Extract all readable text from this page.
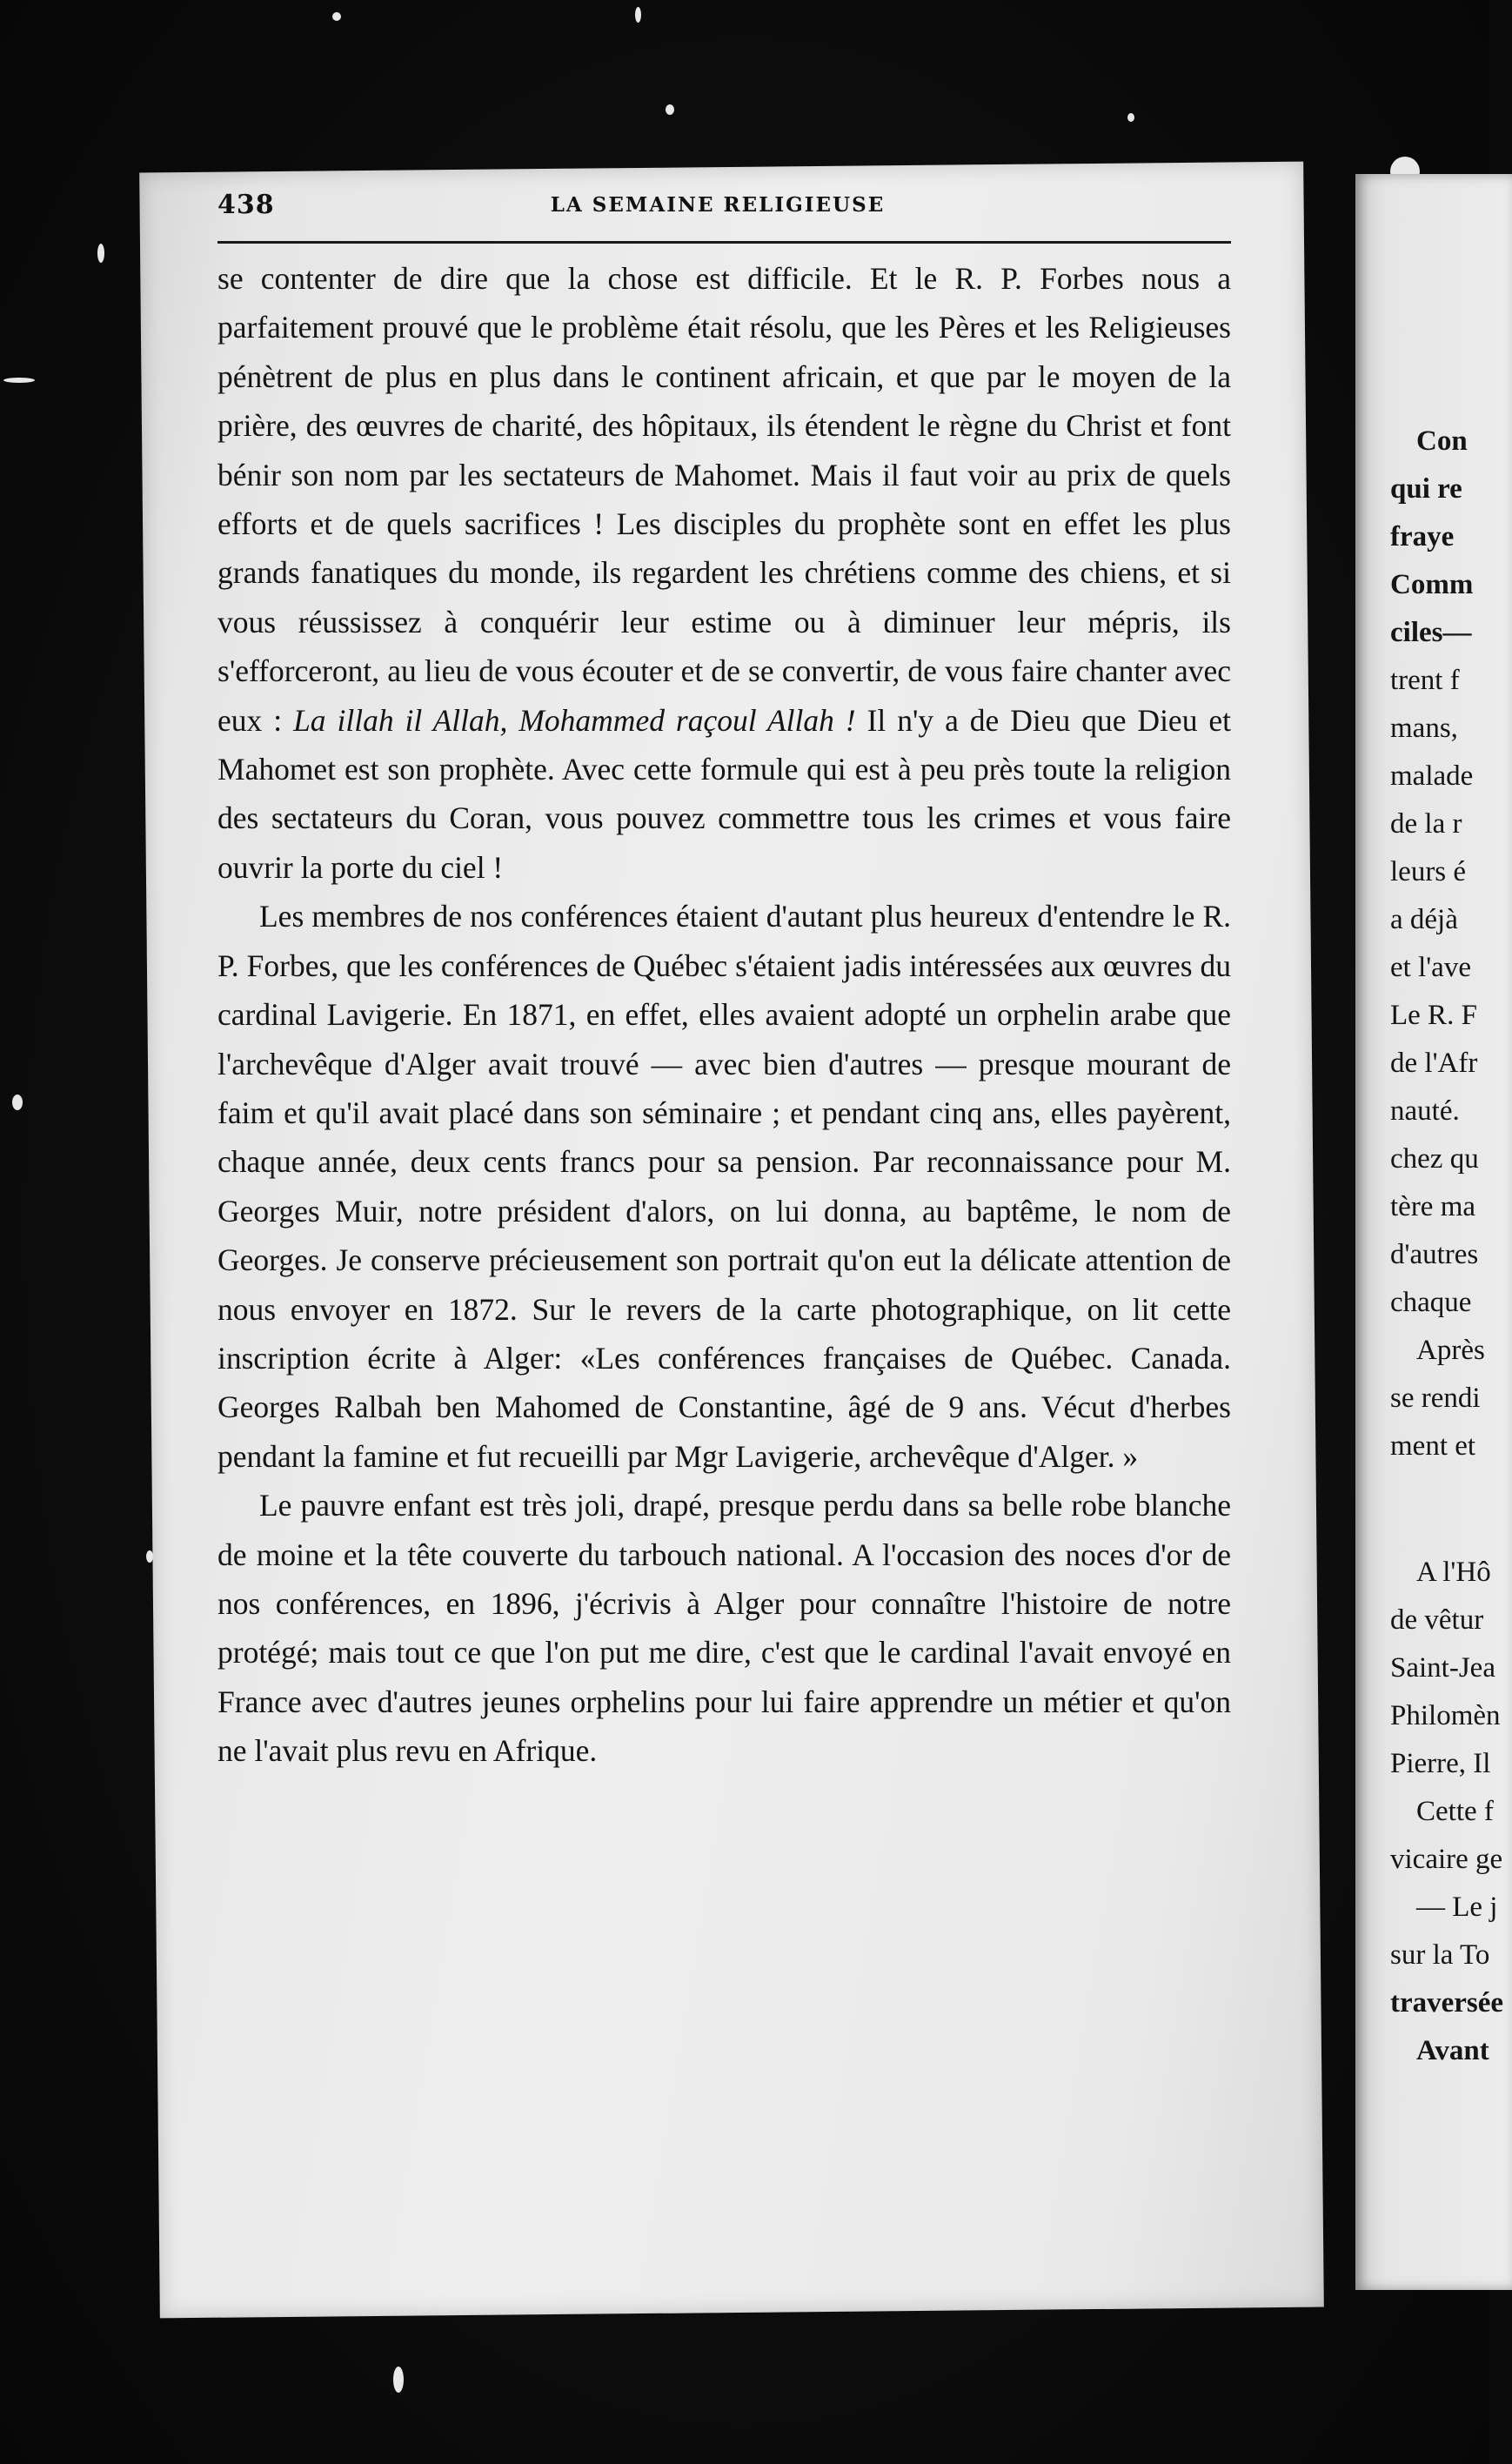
Con
qui re
fraye
Comm
ciles—
trent f
mans,
malade
de la r
leurs é
a déjà
et l'ave
Le R. F
de l'Afr
nauté.
chez qu
tère ma
d'autres
chaque
Après
se rendi
ment et
A l'Hô
de vêtur
Saint-Jea
Philomèn
Pierre, Il
Cette f
vicaire ge
— Le j
sur la To
traversée
Avant
438	LA SEMAINE RELIGIEUSE

se contenter de dire que la chose est difficile. Et le R. P. Forbes nous a parfaitement prouvé que le problème était résolu, que les Pères et les Religieuses pénètrent de plus en plus dans le continent africain, et que par le moyen de la prière, des œuvres de charité, des hôpitaux, ils étendent le règne du Christ et font bénir son nom par les sectateurs de Mahomet. Mais il faut voir au prix de quels efforts et de quels sacrifices ! Les disciples du prophète sont en effet les plus grands fanatiques du monde, ils regardent les chrétiens comme des chiens, et si vous réussissez à conquérir leur estime ou à diminuer leur mépris, ils s'efforceront, au lieu de vous écouter et de se convertir, de vous faire chanter avec eux : La illah il Allah, Mohammed raçoul Allah ! Il n'y a de Dieu que Dieu et Mahomet est son prophète. Avec cette formule qui est à peu près toute la religion des sectateurs du Coran, vous pouvez commettre tous les crimes et vous faire ouvrir la porte du ciel !

Les membres de nos conférences étaient d'autant plus heureux d'entendre le R. P. Forbes, que les conférences de Québec s'étaient jadis intéressées aux œuvres du cardinal Lavigerie. En 1871, en effet, elles avaient adopté un orphelin arabe que l'archevêque d'Alger avait trouvé — avec bien d'autres — presque mourant de faim et qu'il avait placé dans son séminaire ; et pendant cinq ans, elles payèrent, chaque année, deux cents francs pour sa pension. Par reconnaissance pour M. Georges Muir, notre président d'alors, on lui donna, au baptême, le nom de Georges. Je conserve précieusement son portrait qu'on eut la délicate attention de nous envoyer en 1872. Sur le revers de la carte photographique, on lit cette inscription écrite à Alger: «Les conférences françaises de Québec. Canada. Georges Ralbah ben Mahomed de Constantine, âgé de 9 ans. Vécut d'herbes pendant la famine et fut recueilli par Mgr Lavigerie, archevêque d'Alger. »

Le pauvre enfant est très joli, drapé, presque perdu dans sa belle robe blanche de moine et la tête couverte du tarbouch national. A l'occasion des noces d'or de nos conférences, en 1896, j'écrivis à Alger pour connaître l'histoire de notre protégé; mais tout ce que l'on put me dire, c'est que le cardinal l'avait envoyé en France avec d'autres jeunes orphelins pour lui faire apprendre un métier et qu'on ne l'avait plus revu en Afrique.
